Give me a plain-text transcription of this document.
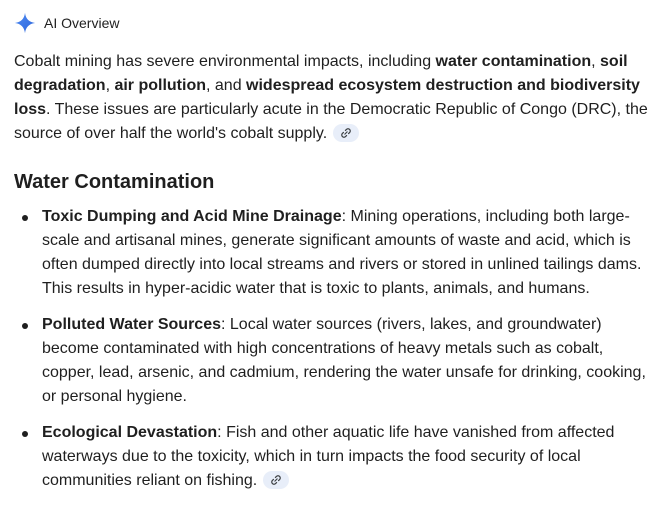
AI Overview

Cobalt mining has severe environmental impacts, including water contamination, soil degradation, air pollution, and widespread ecosystem destruction and biodiversity loss. These issues are particularly acute in the Democratic Republic of Congo (DRC), the source of over half the world's cobalt supply.

Water Contamination
Toxic Dumping and Acid Mine Drainage: Mining operations, including both large-scale and artisanal mines, generate significant amounts of waste and acid, which is often dumped directly into local streams and rivers or stored in unlined tailings dams. This results in hyper-acidic water that is toxic to plants, animals, and humans.
Polluted Water Sources: Local water sources (rivers, lakes, and groundwater) become contaminated with high concentrations of heavy metals such as cobalt, copper, lead, arsenic, and cadmium, rendering the water unsafe for drinking, cooking, or personal hygiene.
Ecological Devastation: Fish and other aquatic life have vanished from affected waterways due to the toxicity, which in turn impacts the food security of local communities reliant on fishing.
